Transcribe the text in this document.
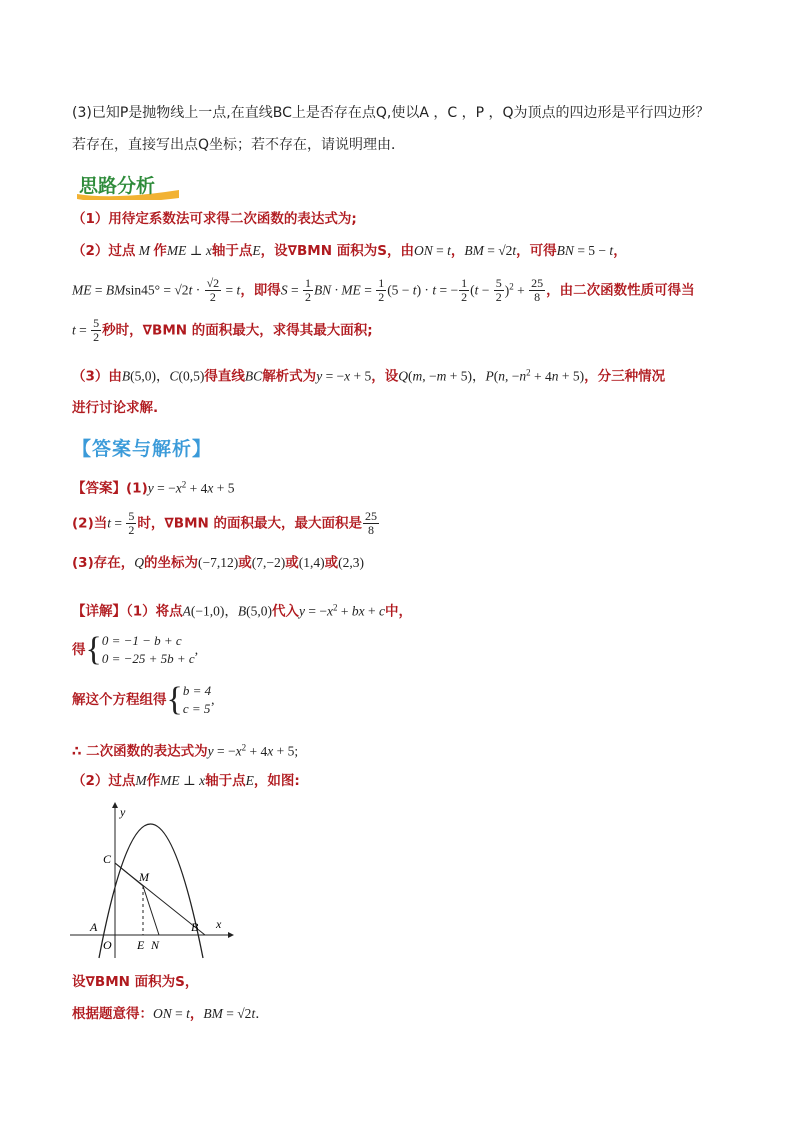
(3)已知P是抛物线上一点,在直线BC上是否存在点Q,使以A ，C ，P ，Q为顶点的四边形是平行四边形？
若存在，直接写出点Q坐标；若不存在，请说明理由．
思路分析
（1）用待定系数法可求得二次函数的表达式为;
（2）过点 M 作ME ⊥ x轴于点E，设∇BMN 面积为S，由ON = t，BM = √2t，可得BN = 5 − t，
ME = $BMsin45^\circ = √2t \cdot \frac{√2}{2} = t$，即得$S = \frac{1}{2}$ BN · ME = $\frac{1}{2} (5 - t) \cdot t$ = − $\frac{1}{2} (t - \frac{5}{2} )^2 + \frac{25}{8}$ ，由二次函数性质可得当
$t = \frac{5}{2}$ 秒时，∇BMN 的面积最大，求得其最大面积;
（3）由B(5,0)，C(0,5)得直线BC解析式为y = −x + 5，设Q(m, −m + 5)，P(n, $-n^2 + 4n + 5$)，分三种情况
进行讨论求解.
【答案与解析】
【答案】$(1)y = -x^2 + 4x + 5$
(2)当$t = \frac{5}{2}$ 时，∇BMN 的面积最大，最大面积是 $\frac{25}{8}$
(3)存在，Q的坐标为(−7,12)或(7,−2)或(1,4)或(2,3)
【详解】（1）将点A(−1,0)，B(5,0)代入$y = -x^2$ + bx + c中，
得{ 0 = −1 − b + c
0 = −25 + 5b + c
,
解这个方程组得{ b = 4
c = 5
,
∴ 二次函数的表达式为$y = -x^2 + 4x + 5$;
（2）过点M作ME ⊥ x轴于点E，如图:
y
x
C
M
A
O E N
B
设∇BMN 面积为S，
根据题意得：ON = t，BM = √2t．
